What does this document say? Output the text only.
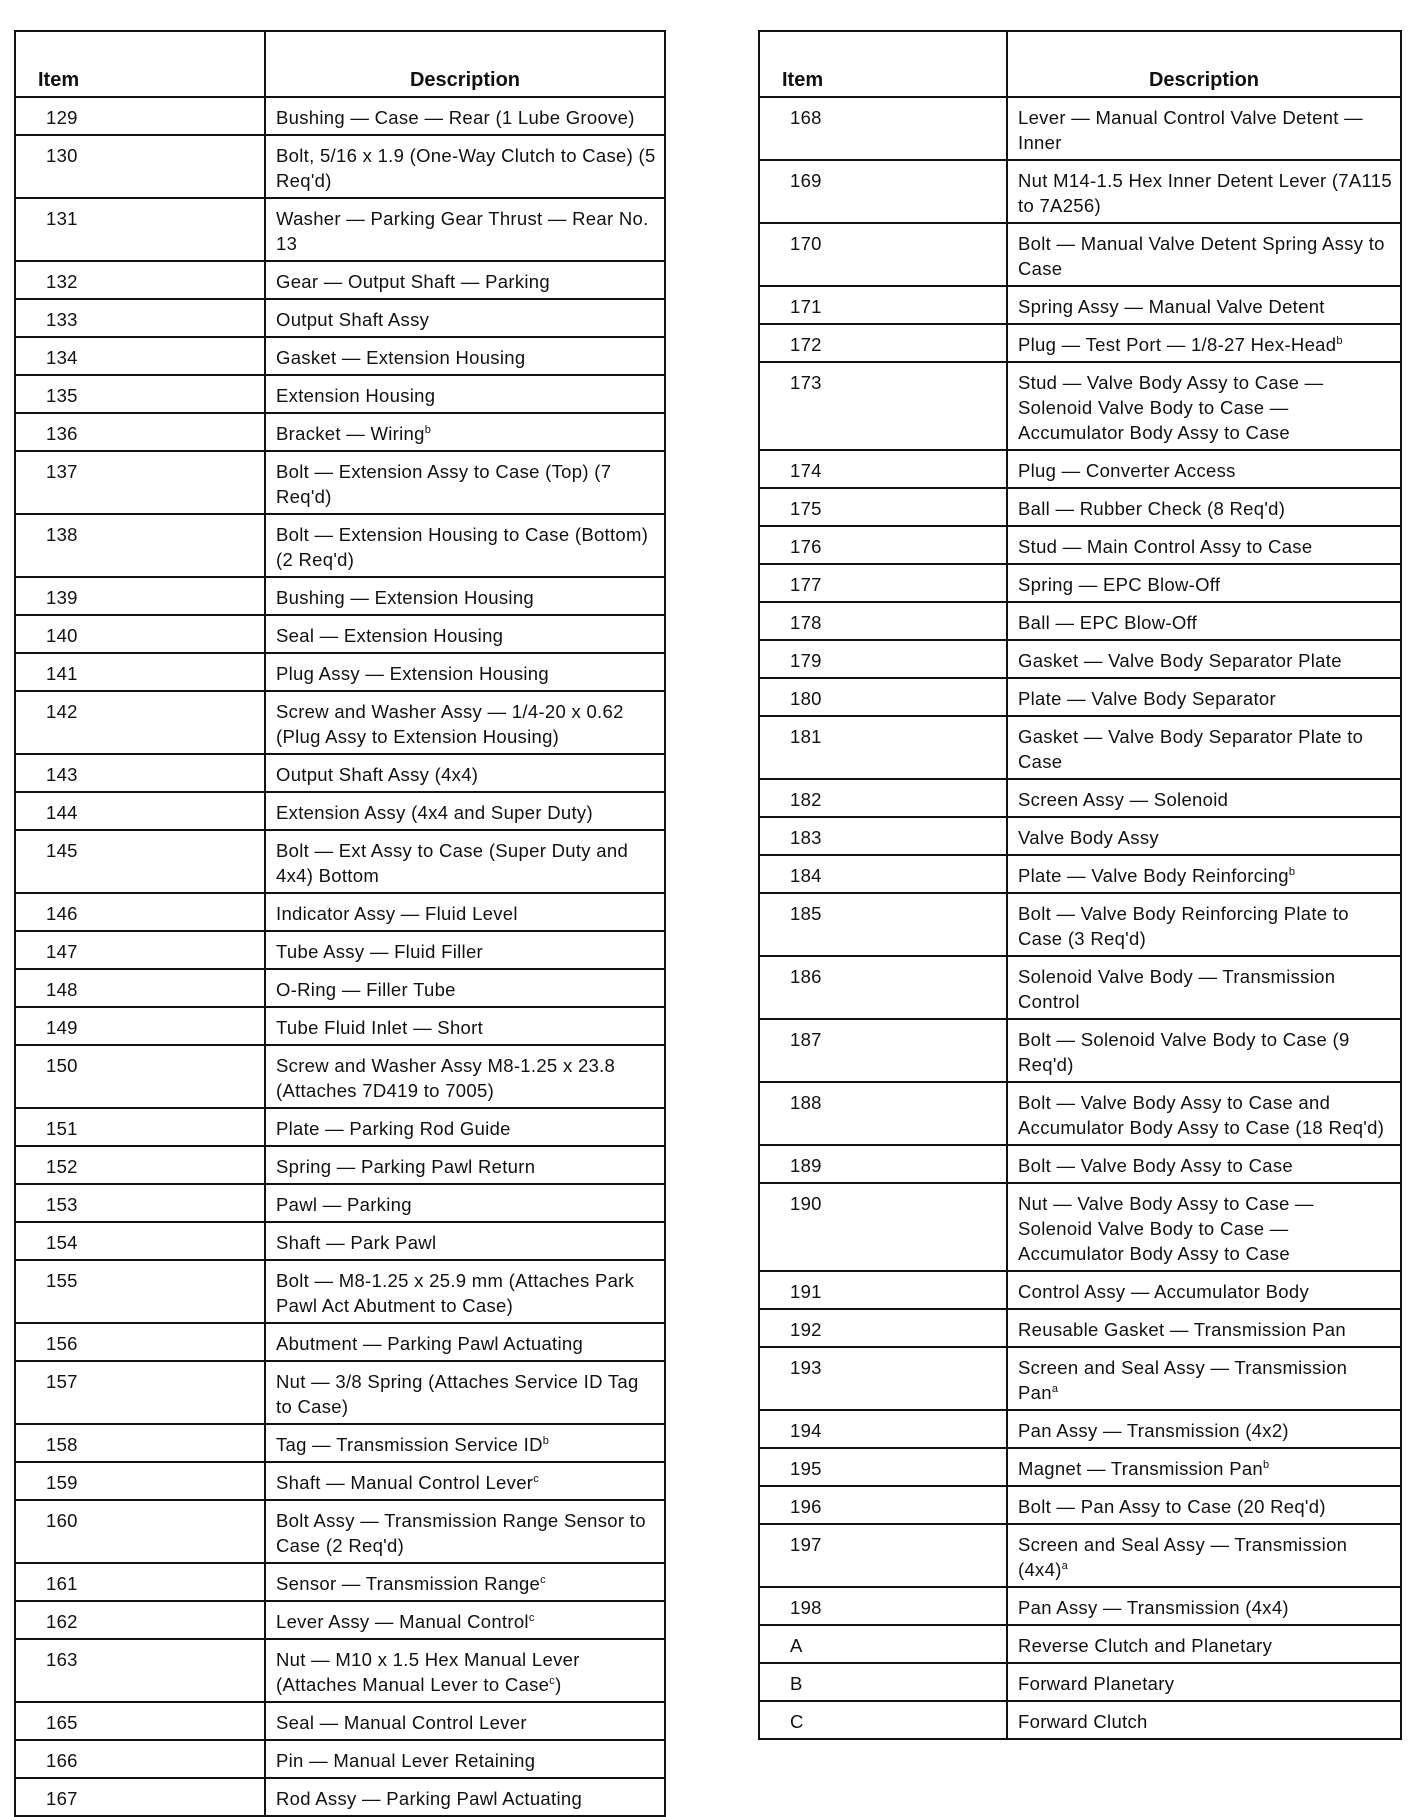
Item	Description
129	Bushing — Case — Rear (1 Lube Groove)
130	Bolt, 5/16 x 1.9 (One-Way Clutch to Case) (5 Req'd)
131	Washer — Parking Gear Thrust — Rear No. 13
132	Gear — Output Shaft — Parking
133	Output Shaft Assy
134	Gasket — Extension Housing
135	Extension Housing
136	Bracket — Wiring$^b$
137	Bolt — Extension Assy to Case (Top) (7 Req'd)
138	Bolt — Extension Housing to Case (Bottom) (2 Req'd)
139	Bushing — Extension Housing
140	Seal — Extension Housing
141	Plug Assy — Extension Housing
142	Screw and Washer Assy — 1/4-20 x 0.62 (Plug Assy to Extension Housing)
143	Output Shaft Assy (4x4)
144	Extension Assy (4x4 and Super Duty)
145	Bolt — Ext Assy to Case (Super Duty and 4x4) Bottom
146	Indicator Assy — Fluid Level
147	Tube Assy — Fluid Filler
148	O-Ring — Filler Tube
149	Tube Fluid Inlet — Short
150	Screw and Washer Assy M8-1.25 x 23.8 (Attaches 7D419 to 7005)
151	Plate — Parking Rod Guide
152	Spring — Parking Pawl Return
153	Pawl — Parking
154	Shaft — Park Pawl
155	Bolt — M8-1.25 x 25.9 mm (Attaches Park Pawl Act Abutment to Case)
156	Abutment — Parking Pawl Actuating
157	Nut — 3/8 Spring (Attaches Service ID Tag to Case)
158	Tag — Transmission Service $ID^b$
159	Shaft — Manual Control Lever$^c$
160	Bolt Assy — Transmission Range Sensor to Case (2 Req'd)
161	Sensor — Transmission Range$^c$
162	Lever Assy — Manual Control$^c$
163	Nut — M10 x 1.5 Hex Manual Lever (Attaches Manual Lever to Case$^c$)
165	Seal — Manual Control Lever
166	Pin — Manual Lever Retaining
167	Rod Assy — Parking Pawl Actuating
Item	Description
168	Lever — Manual Control Valve Detent — Inner
169	Nut M14-1.5 Hex Inner Detent Lever (7A115 to 7A256)
170	Bolt — Manual Valve Detent Spring Assy to Case
171	Spring Assy — Manual Valve Detent
172	Plug — Test Port — 1/8-27 Hex-Head$^b$
173	Stud — Valve Body Assy to Case — Solenoid Valve Body to Case — Accumulator Body Assy to Case
174	Plug — Converter Access
175	Ball — Rubber Check (8 Req'd)
176	Stud — Main Control Assy to Case
177	Spring — EPC Blow-Off
178	Ball — EPC Blow-Off
179	Gasket — Valve Body Separator Plate
180	Plate — Valve Body Separator
181	Gasket — Valve Body Separator Plate to Case
182	Screen Assy — Solenoid
183	Valve Body Assy
184	Plate — Valve Body Reinforcing$^b$
185	Bolt — Valve Body Reinforcing Plate to Case (3 Req'd)
186	Solenoid Valve Body — Transmission Control
187	Bolt — Solenoid Valve Body to Case (9 Req'd)
188	Bolt — Valve Body Assy to Case and Accumulator Body Assy to Case (18 Req'd)
189	Bolt — Valve Body Assy to Case
190	Nut — Valve Body Assy to Case — Solenoid Valve Body to Case — Accumulator Body Assy to Case
191	Control Assy — Accumulator Body
192	Reusable Gasket — Transmission Pan
193	Screen and Seal Assy — Transmission Pan$^a$
194	Pan Assy — Transmission (4x2)
195	Magnet — Transmission Pan$^b$
196	Bolt — Pan Assy to Case (20 Req'd)
197	Screen and Seal Assy — Transmission $(4x4)^a$
198	Pan Assy — Transmission (4x4)
A	Reverse Clutch and Planetary
B	Forward Planetary
C	Forward Clutch
